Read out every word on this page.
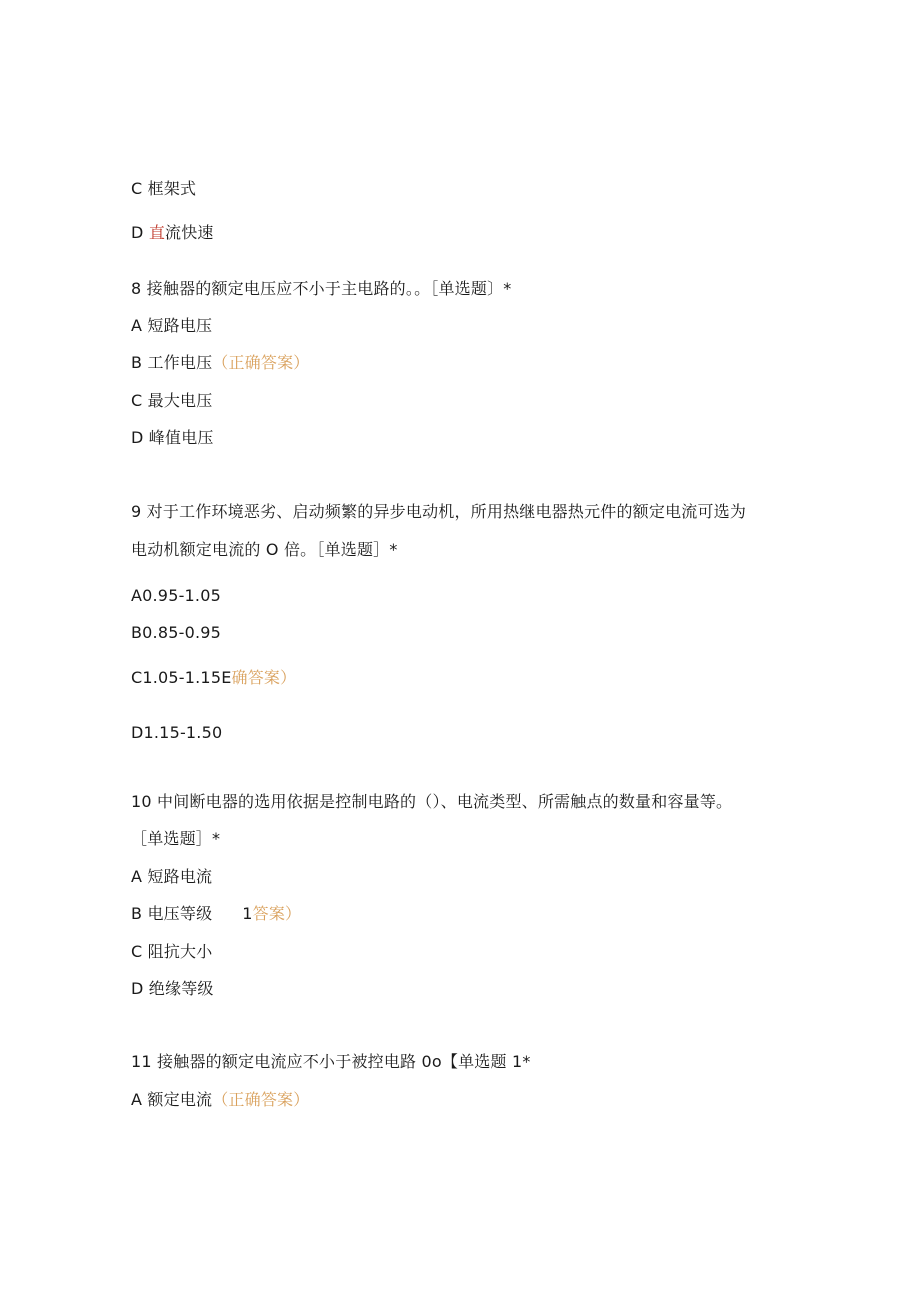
C 框架式
D 直流快速
8 接触器的额定电压应不小于主电路的。。［单选题〕*
A 短路电压
B 工作电压（正确答案）
C 最大电压
D 峰值电压
9 对于工作环境恶劣、启动频繁的异步电动机，所用热继电器热元件的额定电流可选为
电动机额定电流的 O 倍。［单选题］*
A0.95-1.05
B0.85-0.95
C1.05-1.15E确答案）
D1.15-1.50
10 中间断电器的选用依据是控制电路的（）、电流类型、所需触点的数量和容量等。
［单选题］*
A 短路电流
B 电压等级 1答案）
C 阻抗大小
D 绝缘等级
11 接触器的额定电流应不小于被控电路 0o【单选题 1*
A 额定电流（正确答案）
